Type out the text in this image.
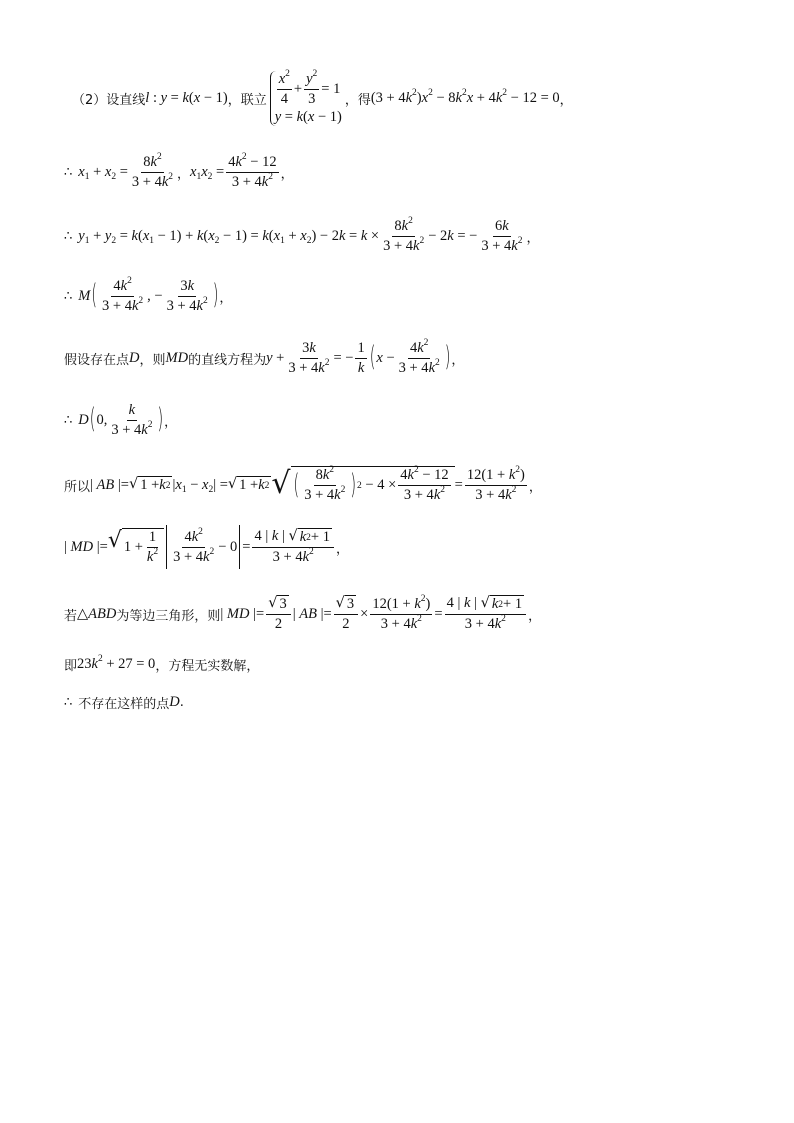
（2）设直线 l : y = k(x − 1) ，联立 $\frac{x^2}{4} + \frac{y^2}{3} = 1$
y = k(x − 1)
，得 $(3 + 4k^2)x^2 - 8k^2x + 4k^2 - 12 = 0$ ，
∴ $x_1 + x_2 = \frac{8k^2}{3 + 4k^2}$ ， $x_1x_2 = \frac{4k^2 - 12}{3 + 4k^2}$ ，
∴ $y_1 + y_2 = k(x_1 - 1) + k(x_2 - 1) = k(x_1 + x_2) - 2k = k \times \frac{8k^2}{3 + 4k^2} - 2k$ = − $\frac{6k}{3 + 4k^2}$ ，
∴ M ( $\frac{4k^2}{3 + 4k^2}$ , − $\frac{3k}{3 + 4k^2}$ ) ，
假设存在点 D ，则 MD 的直线方程为 $y + \frac{3k}{3 + 4k^2}$ = − $\frac{1}{k}$ ( $x - \frac{4k^2}{3 + 4k^2}$ ) ，
∴ D ( 0, $\frac{k}{3 + 4k^2}$ ) ，
所以 | AB |= √ 1 + k 2 $|x_1 - x_2|$ = √ 1 + k 2 √ ( $\frac{8k^2}{3 + 4k^2}$ ) $2 - 4 \times \frac{4k^2 - 12}{3 + 4k^2} = \frac{12(1 + k^2)}{3 + 4k^2}$ ，
| MD |= √ $1 + \frac{1}{k^2} \frac{4k^2}{3 + 4k^2} - 0 = \frac{4 | k | √ k 2 + 1}{3 + 4k^2}$ ，
若 △ABD 为等边三角形，则 | MD |= $\frac{√ 3}{2}$ | AB |= $\frac{√ 3}{2} \times \frac{12(1 + k^2)}{3 + 4k^2} = \frac{4 | k | √ k 2 + 1}{3 + 4k^2}$ ，
即 $23k^2 + 27 = 0$ ，方程无实数解，
∴ 不存在这样的点 D .
